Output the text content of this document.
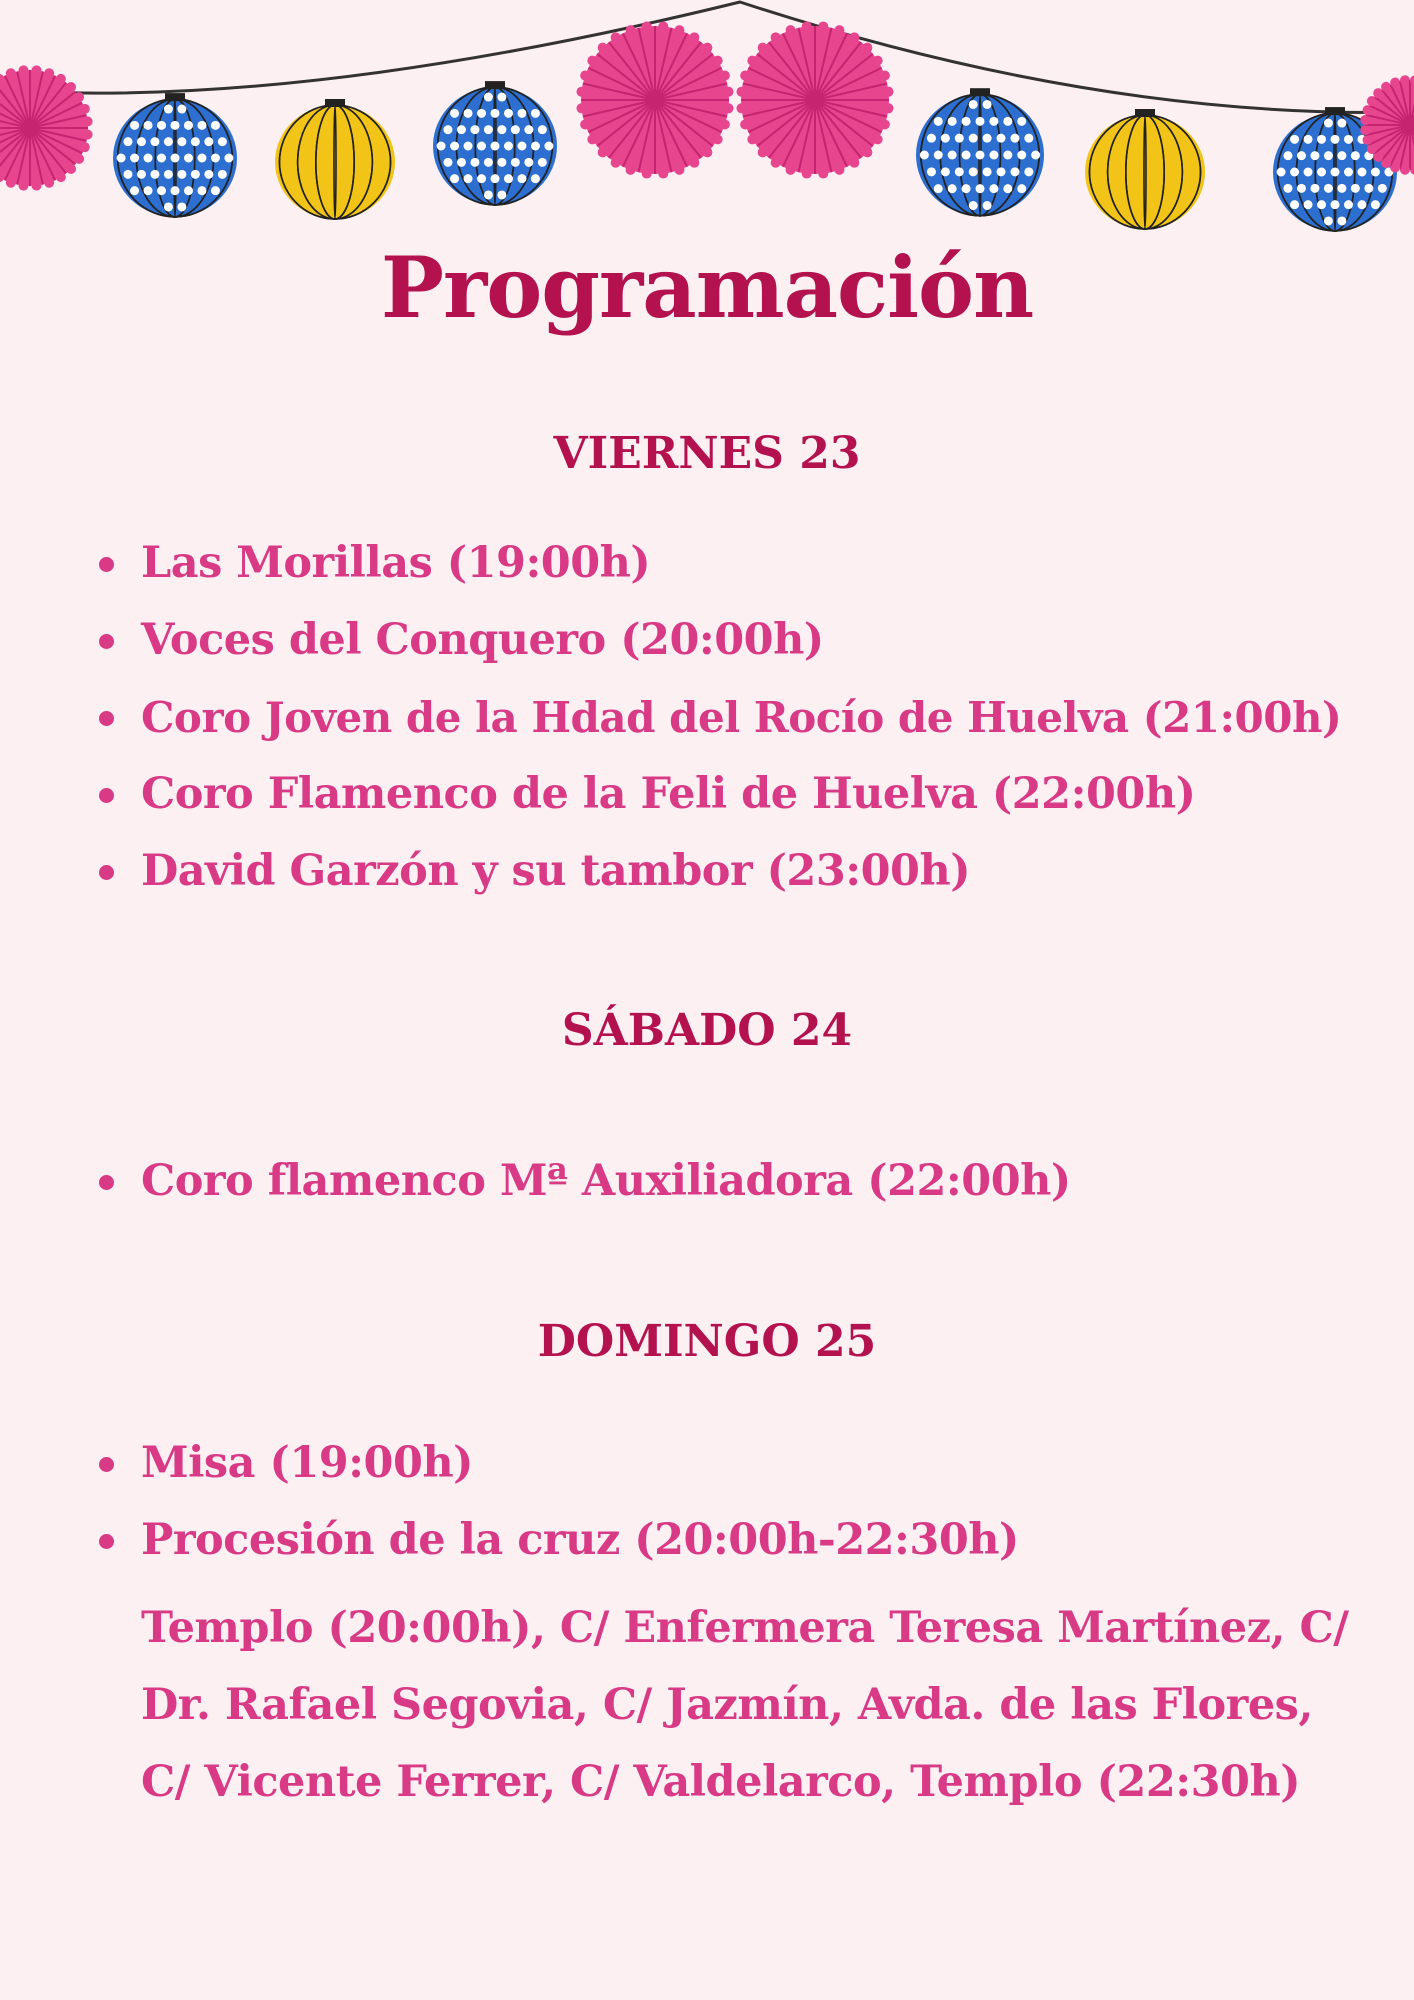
Programación
VIERNES 23
Las Morillas (19:00h)
Voces del Conquero (20:00h)
Coro Joven de la Hdad del Rocío de Huelva (21:00h)
Coro Flamenco de la Feli de Huelva (22:00h)
David Garzón y su tambor (23:00h)
SÁBADO 24
Coro flamenco Mª Auxiliadora (22:00h)
DOMINGO 25
Misa (19:00h)
Procesión de la cruz (20:00h-22:30h)

Templo (20:00h), C/ Enfermera Teresa Martínez, C/ Dr. Rafael Segovia, C/ Jazmín, Avda. de las Flores, C/ Vicente Ferrer, C/ Valdelarco, Templo (22:30h)
